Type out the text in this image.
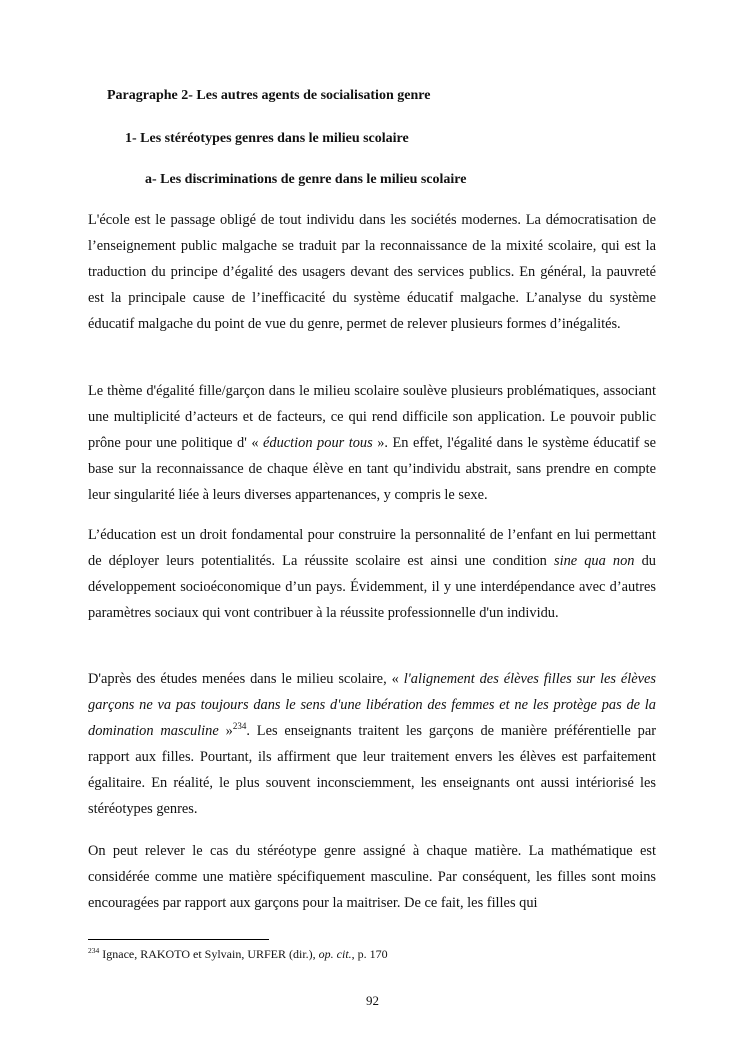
Paragraphe 2- Les autres agents de socialisation genre
1- Les stéréotypes genres dans le milieu scolaire
a- Les discriminations de genre dans le milieu scolaire

L'école est le passage obligé de tout individu dans les sociétés modernes. La démocratisation de l’enseignement public malgache se traduit par la reconnaissance de la mixité scolaire, qui est la traduction du principe d’égalité des usagers devant des services publics. En général, la pauvreté est la principale cause de l’inefficacité du système éducatif malgache. L’analyse du système éducatif malgache du point de vue du genre, permet de relever plusieurs formes d’inégalités.

Le thème d'égalité fille/garçon dans le milieu scolaire soulève plusieurs problématiques, associant une multiplicité d’acteurs et de facteurs, ce qui rend difficile son application. Le pouvoir public prône pour une politique d' « éduction pour tous ». En effet, l'égalité dans le système éducatif se base sur la reconnaissance de chaque élève en tant qu’individu abstrait, sans prendre en compte leur singularité liée à leurs diverses appartenances, y compris le sexe.

L’éducation est un droit fondamental pour construire la personnalité de l’enfant en lui permettant de déployer leurs potentialités. La réussite scolaire est ainsi une condition sine qua non du développement socioéconomique d’un pays. Évidemment, il y une interdépendance avec d’autres paramètres sociaux qui vont contribuer à la réussite professionnelle d'un individu.

D'après des études menées dans le milieu scolaire, « l'alignement des élèves filles sur les élèves garçons ne va pas toujours dans le sens d'une libération des femmes et ne les protège pas de la domination masculine »$^{234}$. Les enseignants traitent les garçons de manière préférentielle par rapport aux filles. Pourtant, ils affirment que leur traitement envers les élèves est parfaitement égalitaire. En réalité, le plus souvent inconsciemment, les enseignants ont aussi intériorisé les stéréotypes genres.

On peut relever le cas du stéréotype genre assigné à chaque matière. La mathématique est considérée comme une matière spécifiquement masculine. Par conséquent, les filles sont moins encouragées par rapport aux garçons pour la maitriser. De ce fait, les filles qui

$^{234}$ Ignace, RAKOTO et Sylvain, URFER (dir.), op. cit., p. 170
92
